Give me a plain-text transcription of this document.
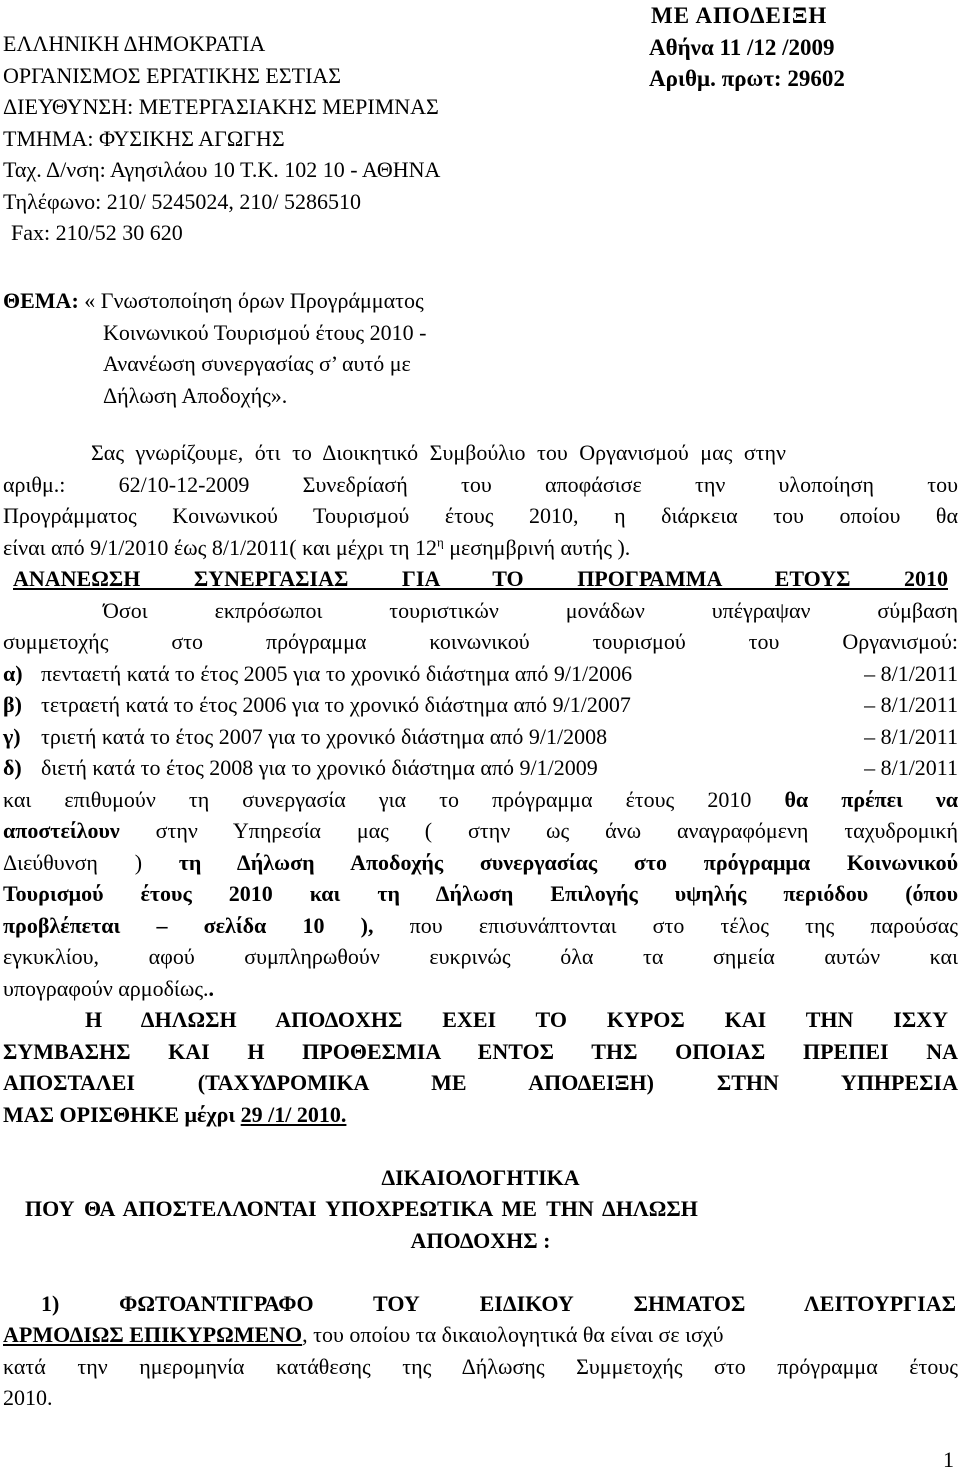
ΜΕ ΑΠΟΔΕΙΞΗ
Αθήνα 11 /12 /2009
Αριθμ. πρωτ: 29602
ΕΛΛΗΝΙΚΗ ΔΗΜΟΚΡΑΤΙΑ
ΟΡΓΑΝΙΣΜΟΣ ΕΡΓΑΤΙΚΗΣ ΕΣΤΙΑΣ
ΔΙΕΥΘΥΝΣΗ: ΜΕΤΕΡΓΑΣΙΑΚΗΣ ΜΕΡΙΜΝΑΣ
ΤΜΗΜΑ: ΦΥΣΙΚΗΣ ΑΓΩΓΗΣ
Ταχ. Δ/νση: Αγησιλάου 10 Τ.Κ. 102 10 - ΑΘΗΝΑ
Τηλέφωνο: 210/ 5245024, 210/ 5286510
Fax: 210/52 30 620
ΘΕΜΑ: « Γνωστοποίηση όρων Προγράμματος
Κοινωνικού Τουρισμού έτους 2010 -
Ανανέωση συνεργασίας σ’ αυτό με
Δήλωση Αποδοχής».
Σας γνωρίζουμε, ότι το Διοικητικό Συμβούλιο του Οργανισμού μας στην
αριθμ.: 62/10-12-2009 Συνεδρίασή του αποφάσισε την υλοποίηση του
Προγράμματος Κοινωνικού Τουρισμού έτους 2010, η διάρκεια του οποίου θα
είναι από 9/1/2010 έως 8/1/2011( και μέχρι τη $12^\eta$ μεσημβρινή αυτής ).
ΑΝΑΝΕΩΣΗ ΣΥΝΕΡΓΑΣΙΑΣ ΓΙΑ ΤΟ ΠΡΟΓΡΑΜΜΑ ΕΤΟΥΣ 2010
Όσοι εκπρόσωποι τουριστικών μονάδων υπέγραψαν σύμβαση
συμμετοχής στο πρόγραμμα κοινωνικού τουρισμού του Οργανισμού:
α) πενταετή κατά το έτος 2005 για το χρονικό διάστημα από 9/1/2006	– 8/1/2011
β) τετραετή κατά το έτος 2006 για το χρονικό διάστημα από 9/1/2007	– 8/1/2011
γ) τριετή κατά το έτος 2007 για το χρονικό διάστημα από 9/1/2008	– 8/1/2011
δ) διετή κατά το έτος 2008 για το χρονικό διάστημα από 9/1/2009	– 8/1/2011
και επιθυμούν τη συνεργασία για το πρόγραμμα έτους 2010 θα πρέπει να
αποστείλουν στην Υπηρεσία μας ( στην ως άνω αναγραφόμενη ταχυδρομική
Διεύθυνση ) τη Δήλωση Αποδοχής συνεργασίας στο πρόγραμμα Κοινωνικού
Τουρισμού έτους 2010 και τη Δήλωση Επιλογής υψηλής περιόδου (όπου
προβλέπεται – σελίδα 10 ), που επισυνάπτονται στο τέλος της παρούσας
εγκυκλίου, αφού συμπληρωθούν ευκρινώς όλα τα σημεία αυτών και
υπογραφούν αρμοδίως..
Η ΔΗΛΩΣΗ ΑΠΟΔΟΧΗΣ ΕΧΕΙ ΤΟ ΚΥΡΟΣ ΚΑΙ ΤΗΝ ΙΣΧΥ
ΣΥΜΒΑΣΗΣ ΚΑΙ Η ΠΡΟΘΕΣΜΙΑ ΕΝΤΟΣ ΤΗΣ ΟΠΟΙΑΣ ΠΡΕΠΕΙ ΝΑ
ΑΠΟΣΤΑΛΕΙ (ΤΑΧΥΔΡΟΜΙΚΑ ΜΕ ΑΠΟΔΕΙΞΗ) ΣΤΗΝ ΥΠΗΡΕΣΙΑ
ΜΑΣ ΟΡΙΣΘΗΚΕ μέχρι 29 /1/ 2010.
ΔΙΚΑΙΟΛΟΓΗΤΙΚΑ
ΠΟΥ ΘΑ ΑΠΟΣΤΕΛΛΟΝΤΑΙ ΥΠΟΧΡΕΩΤΙΚΑ ΜΕ ΤΗΝ ΔΗΛΩΣΗ
ΑΠΟΔΟΧΗΣ :
1) ΦΩΤΟΑΝΤΙΓΡΑΦΟ ΤΟΥ ΕΙΔΙΚΟΥ ΣΗΜΑΤΟΣ ΛΕΙΤΟΥΡΓΙΑΣ
ΑΡΜΟΔΙΩΣ ΕΠΙΚΥΡΩΜΕΝΟ, του οποίου τα δικαιολογητικά θα είναι σε ισχύ
κατά την ημερομηνία κατάθεσης της Δήλωσης Συμμετοχής στο πρόγραμμα έτους
2010.
1
